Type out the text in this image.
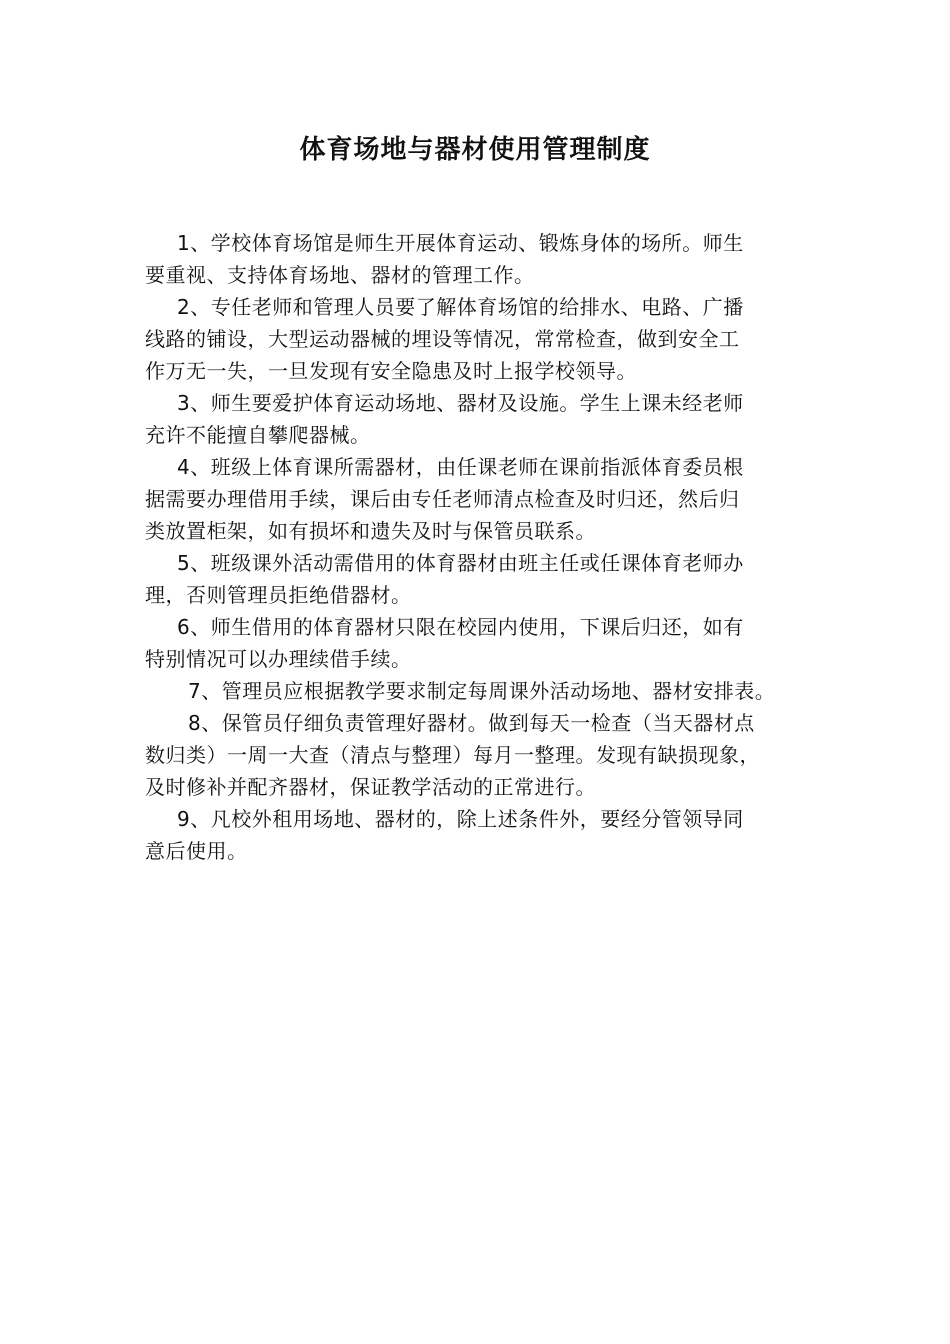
体育场地与器材使用管理制度
1、学校体育场馆是师生开展体育运动、锻炼身体的场所。师生
要重视、支持体育场地、器材的管理工作。
2、专任老师和管理人员要了解体育场馆的给排水、电路、广播
线路的铺设，大型运动器械的埋设等情况，常常检查，做到安全工
作万无一失，一旦发现有安全隐患及时上报学校领导。
3、师生要爱护体育运动场地、器材及设施。学生上课未经老师
充许不能擅自攀爬器械。
4、班级上体育课所需器材，由任课老师在课前指派体育委员根
据需要办理借用手续，课后由专任老师清点检查及时归还，然后归
类放置柜架，如有损坏和遗失及时与保管员联系。
5、班级课外活动需借用的体育器材由班主任或任课体育老师办
理，否则管理员拒绝借器材。
6、师生借用的体育器材只限在校园内使用，下课后归还，如有
特别情况可以办理续借手续。
7、管理员应根据教学要求制定每周课外活动场地、器材安排表。
8、保管员仔细负责管理好器材。做到每天一检查（当天器材点
数归类）一周一大查（清点与整理）每月一整理。发现有缺损现象，
及时修补并配齐器材，保证教学活动的正常进行。
9、凡校外租用场地、器材的，除上述条件外，要经分管领导同
意后使用。
